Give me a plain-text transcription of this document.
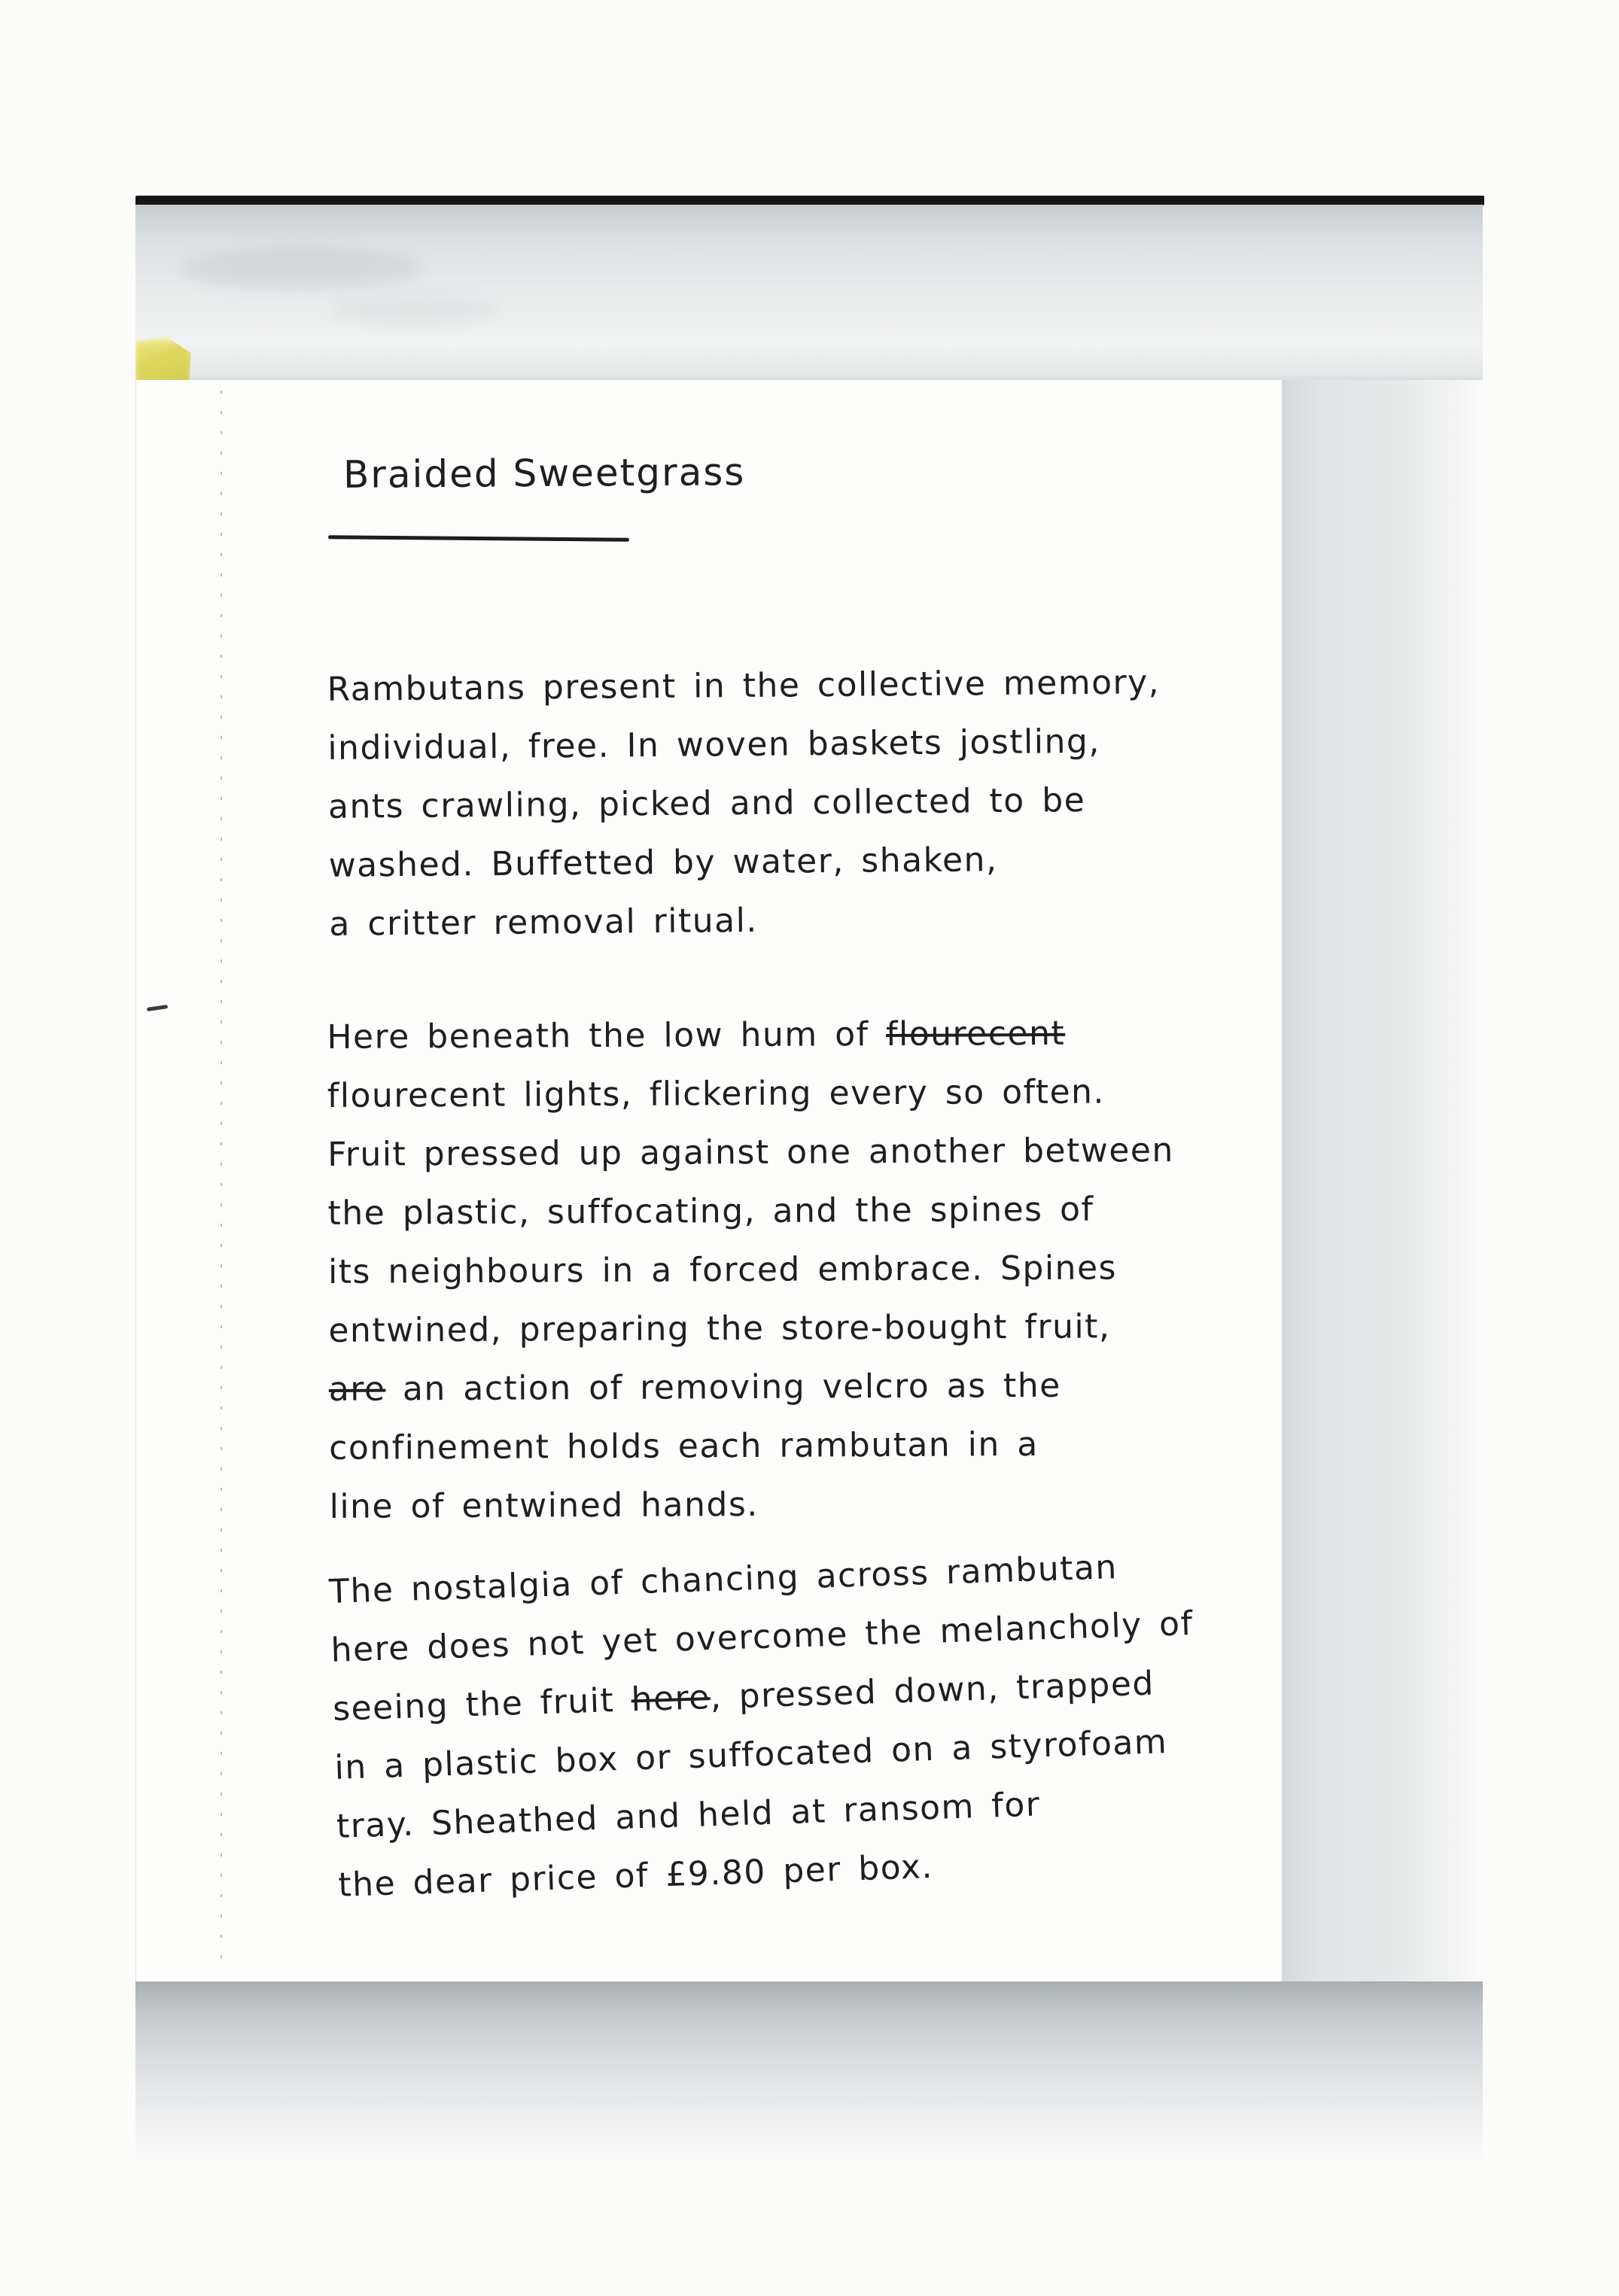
Braided Sweetgrass
Rambutans present in the collective memory,
individual, free. In woven baskets jostling,
ants crawling, picked and collected to be
washed. Buffetted by water, shaken,
a critter removal ritual.
Here beneath the low hum of flourecent
flourecent lights, flickering every so often.
Fruit pressed up against one another between
the plastic, suffocating, and the spines of
its neighbours in a forced embrace. Spines
entwined, preparing the store-bought fruit,
are an action of removing velcro as the
confinement holds each rambutan in a
line of entwined hands.
The nostalgia of chancing across rambutan
here does not yet overcome the melancholy of
seeing the fruit here, pressed down, trapped
in a plastic box or suffocated on a styrofoam
tray. Sheathed and held at ransom for
the dear price of £9.80 per box.
